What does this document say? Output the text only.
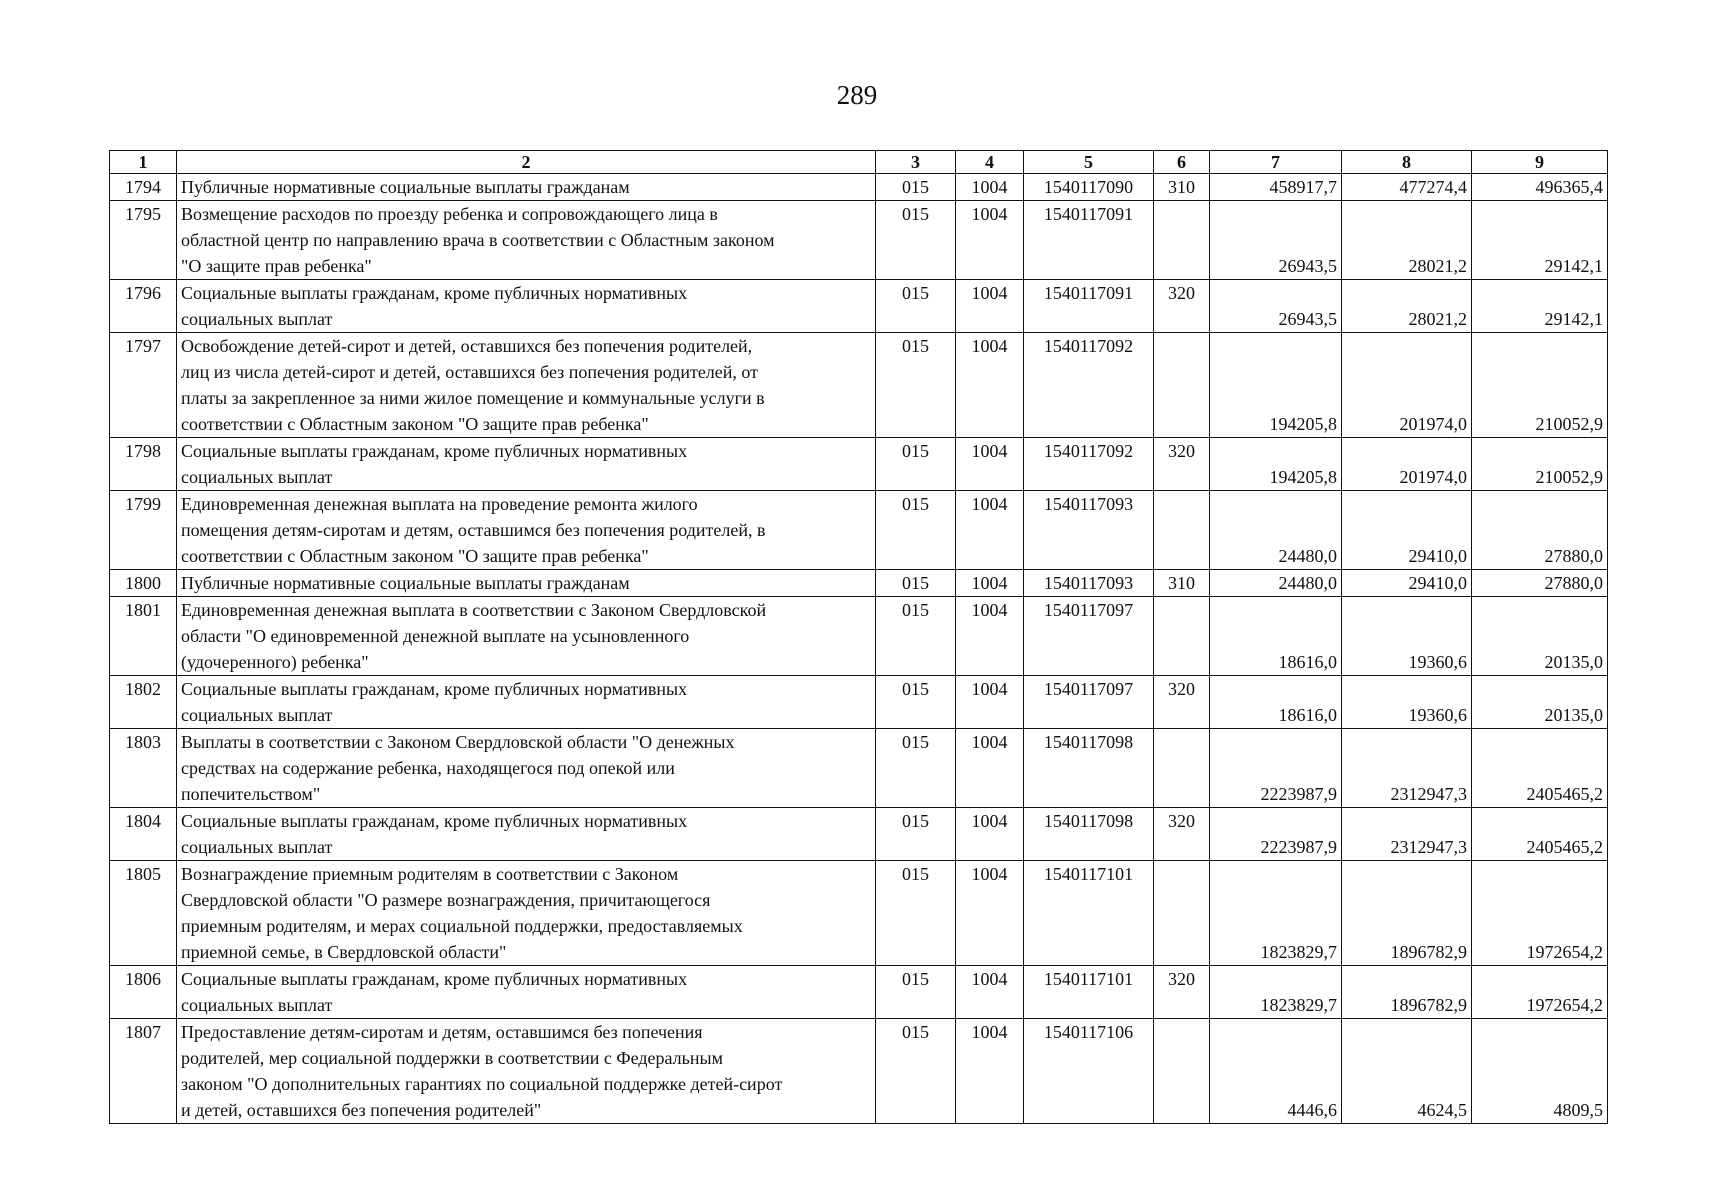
289
1	2	3	4	5	6	7	8	9
1794	Публичные нормативные социальные выплаты гражданам	015	1004	1540117090	310	458917,7	477274,4	496365,4
1795	Возмещение расходов по проезду ребенка и сопровождающего лица в
областной центр по направлению врача в соответствии с Областным законом
"О защите прав ребенка"	015	1004	1540117091		26943,5	28021,2	29142,1
1796	Социальные выплаты гражданам, кроме публичных нормативных
социальных выплат	015	1004	1540117091	320	26943,5	28021,2	29142,1
1797	Освобождение детей-сирот и детей, оставшихся без попечения родителей,
лиц из числа детей-сирот и детей, оставшихся без попечения родителей, от
платы за закрепленное за ними жилое помещение и коммунальные услуги в
соответствии с Областным законом "О защите прав ребенка"	015	1004	1540117092		194205,8	201974,0	210052,9
1798	Социальные выплаты гражданам, кроме публичных нормативных
социальных выплат	015	1004	1540117092	320	194205,8	201974,0	210052,9
1799	Единовременная денежная выплата на проведение ремонта жилого
помещения детям-сиротам и детям, оставшимся без попечения родителей, в
соответствии с Областным законом "О защите прав ребенка"	015	1004	1540117093		24480,0	29410,0	27880,0
1800	Публичные нормативные социальные выплаты гражданам	015	1004	1540117093	310	24480,0	29410,0	27880,0
1801	Единовременная денежная выплата в соответствии с Законом Свердловской
области "О единовременной денежной выплате на усыновленного
(удочеренного) ребенка"	015	1004	1540117097		18616,0	19360,6	20135,0
1802	Социальные выплаты гражданам, кроме публичных нормативных
социальных выплат	015	1004	1540117097	320	18616,0	19360,6	20135,0
1803	Выплаты в соответствии с Законом Свердловской области "О денежных
средствах на содержание ребенка, находящегося под опекой или
попечительством"	015	1004	1540117098		2223987,9	2312947,3	2405465,2
1804	Социальные выплаты гражданам, кроме публичных нормативных
социальных выплат	015	1004	1540117098	320	2223987,9	2312947,3	2405465,2
1805	Вознаграждение приемным родителям в соответствии с Законом
Свердловской области "О размере вознаграждения, причитающегося
приемным родителям, и мерах социальной поддержки, предоставляемых
приемной семье, в Свердловской области"	015	1004	1540117101		1823829,7	1896782,9	1972654,2
1806	Социальные выплаты гражданам, кроме публичных нормативных
социальных выплат	015	1004	1540117101	320	1823829,7	1896782,9	1972654,2
1807	Предоставление детям-сиротам и детям, оставшимся без попечения
родителей, мер социальной поддержки в соответствии с Федеральным
законом "О дополнительных гарантиях по социальной поддержке детей-сирот
и детей, оставшихся без попечения родителей"	015	1004	1540117106		4446,6	4624,5	4809,5
